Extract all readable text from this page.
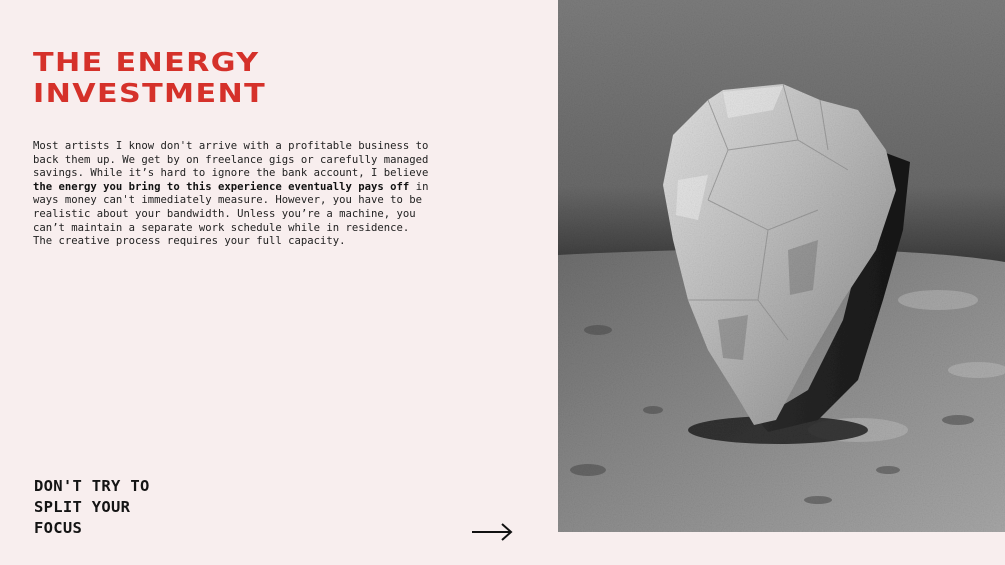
THE ENERGY
INVESTMENT

Most artists I know don't arrive with a profitable business to back them up. We get by on freelance gigs or carefully managed savings. While it’s hard to ignore the bank account, I believe the energy you bring to this experience eventually pays off in ways money can't immediately measure. However, you have to be realistic about your bandwidth. Unless you’re a machine, you can’t maintain a separate work schedule while in residence. The creative process requires your full capacity.

DON'T TRY TO
SPLIT YOUR
FOCUS
